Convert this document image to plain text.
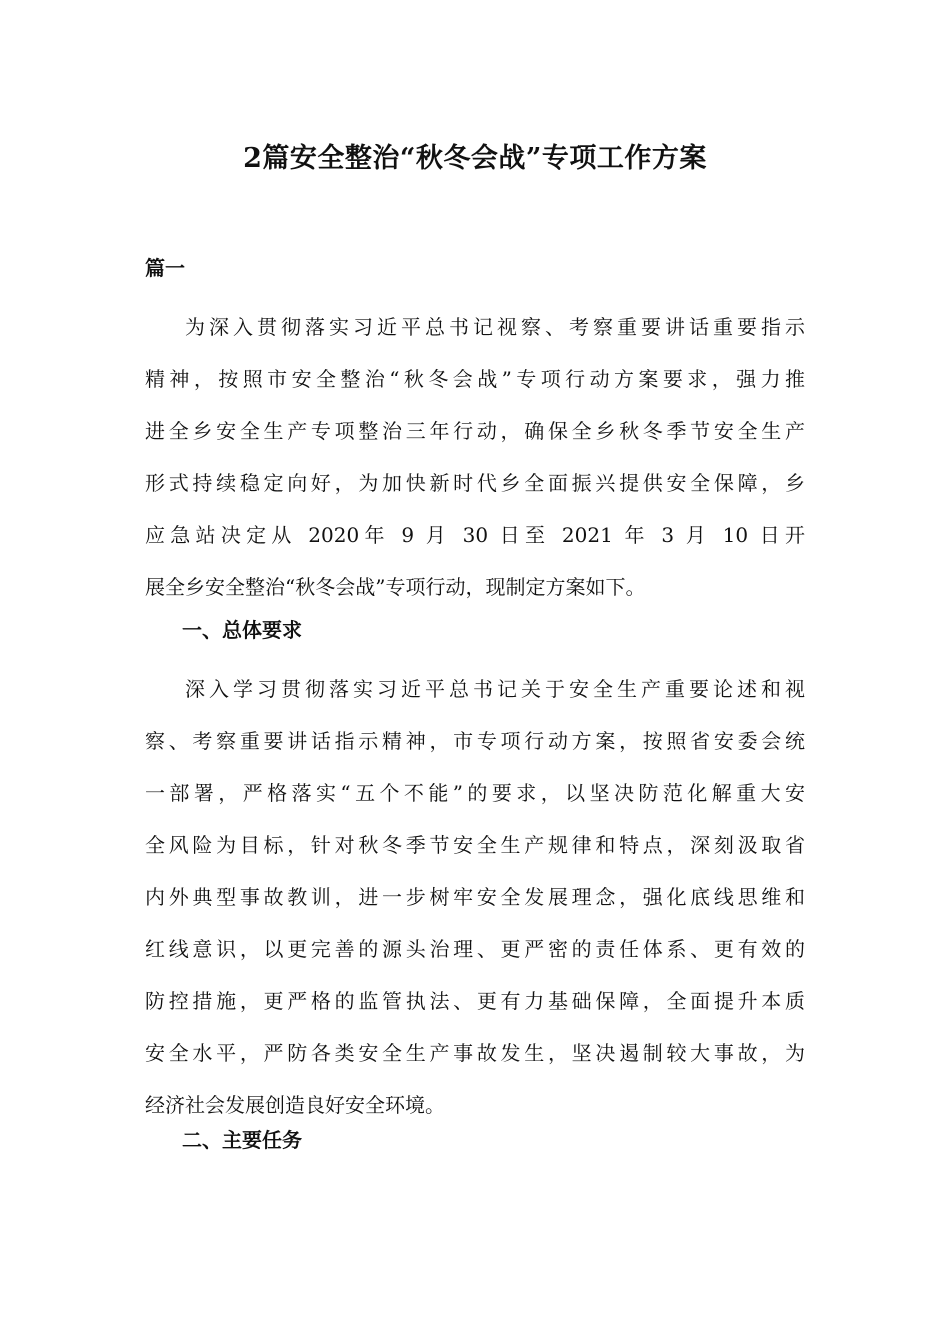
2篇安全整治“秋冬会战”专项工作方案
篇一
为深入贯彻落实习近平总书记视察、考察重要讲话重要指示
精神，按照市安全整治“秋冬会战”专项行动方案要求，强力推
进全乡安全生产专项整治三年行动，确保全乡秋冬季节安全生产
形式持续稳定向好，为加快新时代乡全面振兴提供安全保障，乡
应急站决定从 2020年 9 月 30 日至 2021 年 3 月 10 日开
展全乡安全整治“秋冬会战”专项行动，现制定方案如下。
一、总体要求
深入学习贯彻落实习近平总书记关于安全生产重要论述和视
察、考察重要讲话指示精神，市专项行动方案，按照省安委会统
一部署，严格落实“五个不能”的要求，以坚决防范化解重大安
全风险为目标，针对秋冬季节安全生产规律和特点，深刻汲取省
内外典型事故教训，进一步树牢安全发展理念，强化底线思维和
红线意识，以更完善的源头治理、更严密的责任体系、更有效的
防控措施，更严格的监管执法、更有力基础保障，全面提升本质
安全水平，严防各类安全生产事故发生，坚决遏制较大事故，为
经济社会发展创造良好安全环境。
二、主要任务
